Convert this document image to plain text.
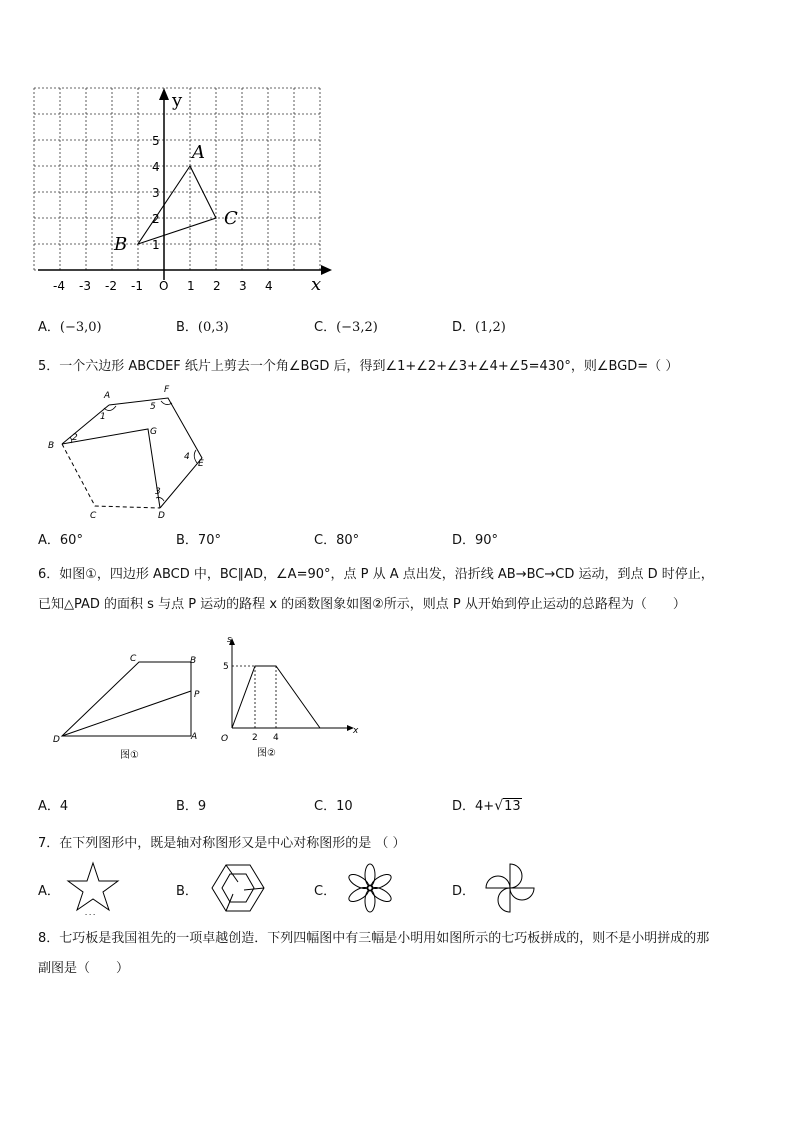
y
x
-4 -3 -2 -1 O 1 2 3 4
1
2
3
4
5
A
B
C
A．(−3,0)	B．(0,3)	C．(−3,2)	D．(1,2)
5．一个六边形 ABCDEF 纸片上剪去一个角∠BGD 后，得到∠1+∠2+∠3+∠4+∠5=430°，则∠BGD=（ ）
A
F
B
G
E
C	D
1
5
2
4
3
A．60°	B．70°	C．80°	D．90°
6．如图①，四边形 ABCD 中，BC∥AD，∠A=90°，点 P 从 A 点出发，沿折线 AB→BC→CD 运动，到点 D 时停止，
已知△PAD 的面积 s 与点 P 运动的路程 x 的函数图象如图②所示，则点 P 从开始到停止运动的总路程为（　　）
C	B
P
D	A
图①
s
x
O
5
2 4
图②
A．4	B．9	C．10	D．4+√13
7．在下列图形中，既是轴对称图形又是中心对称图形的是 （ ）
A．
- - -
B．	C．	D．
8．七巧板是我国祖先的一项卓越创造．下列四幅图中有三幅是小明用如图所示的七巧板拼成的，则不是小明拼成的那
副图是（　　）
